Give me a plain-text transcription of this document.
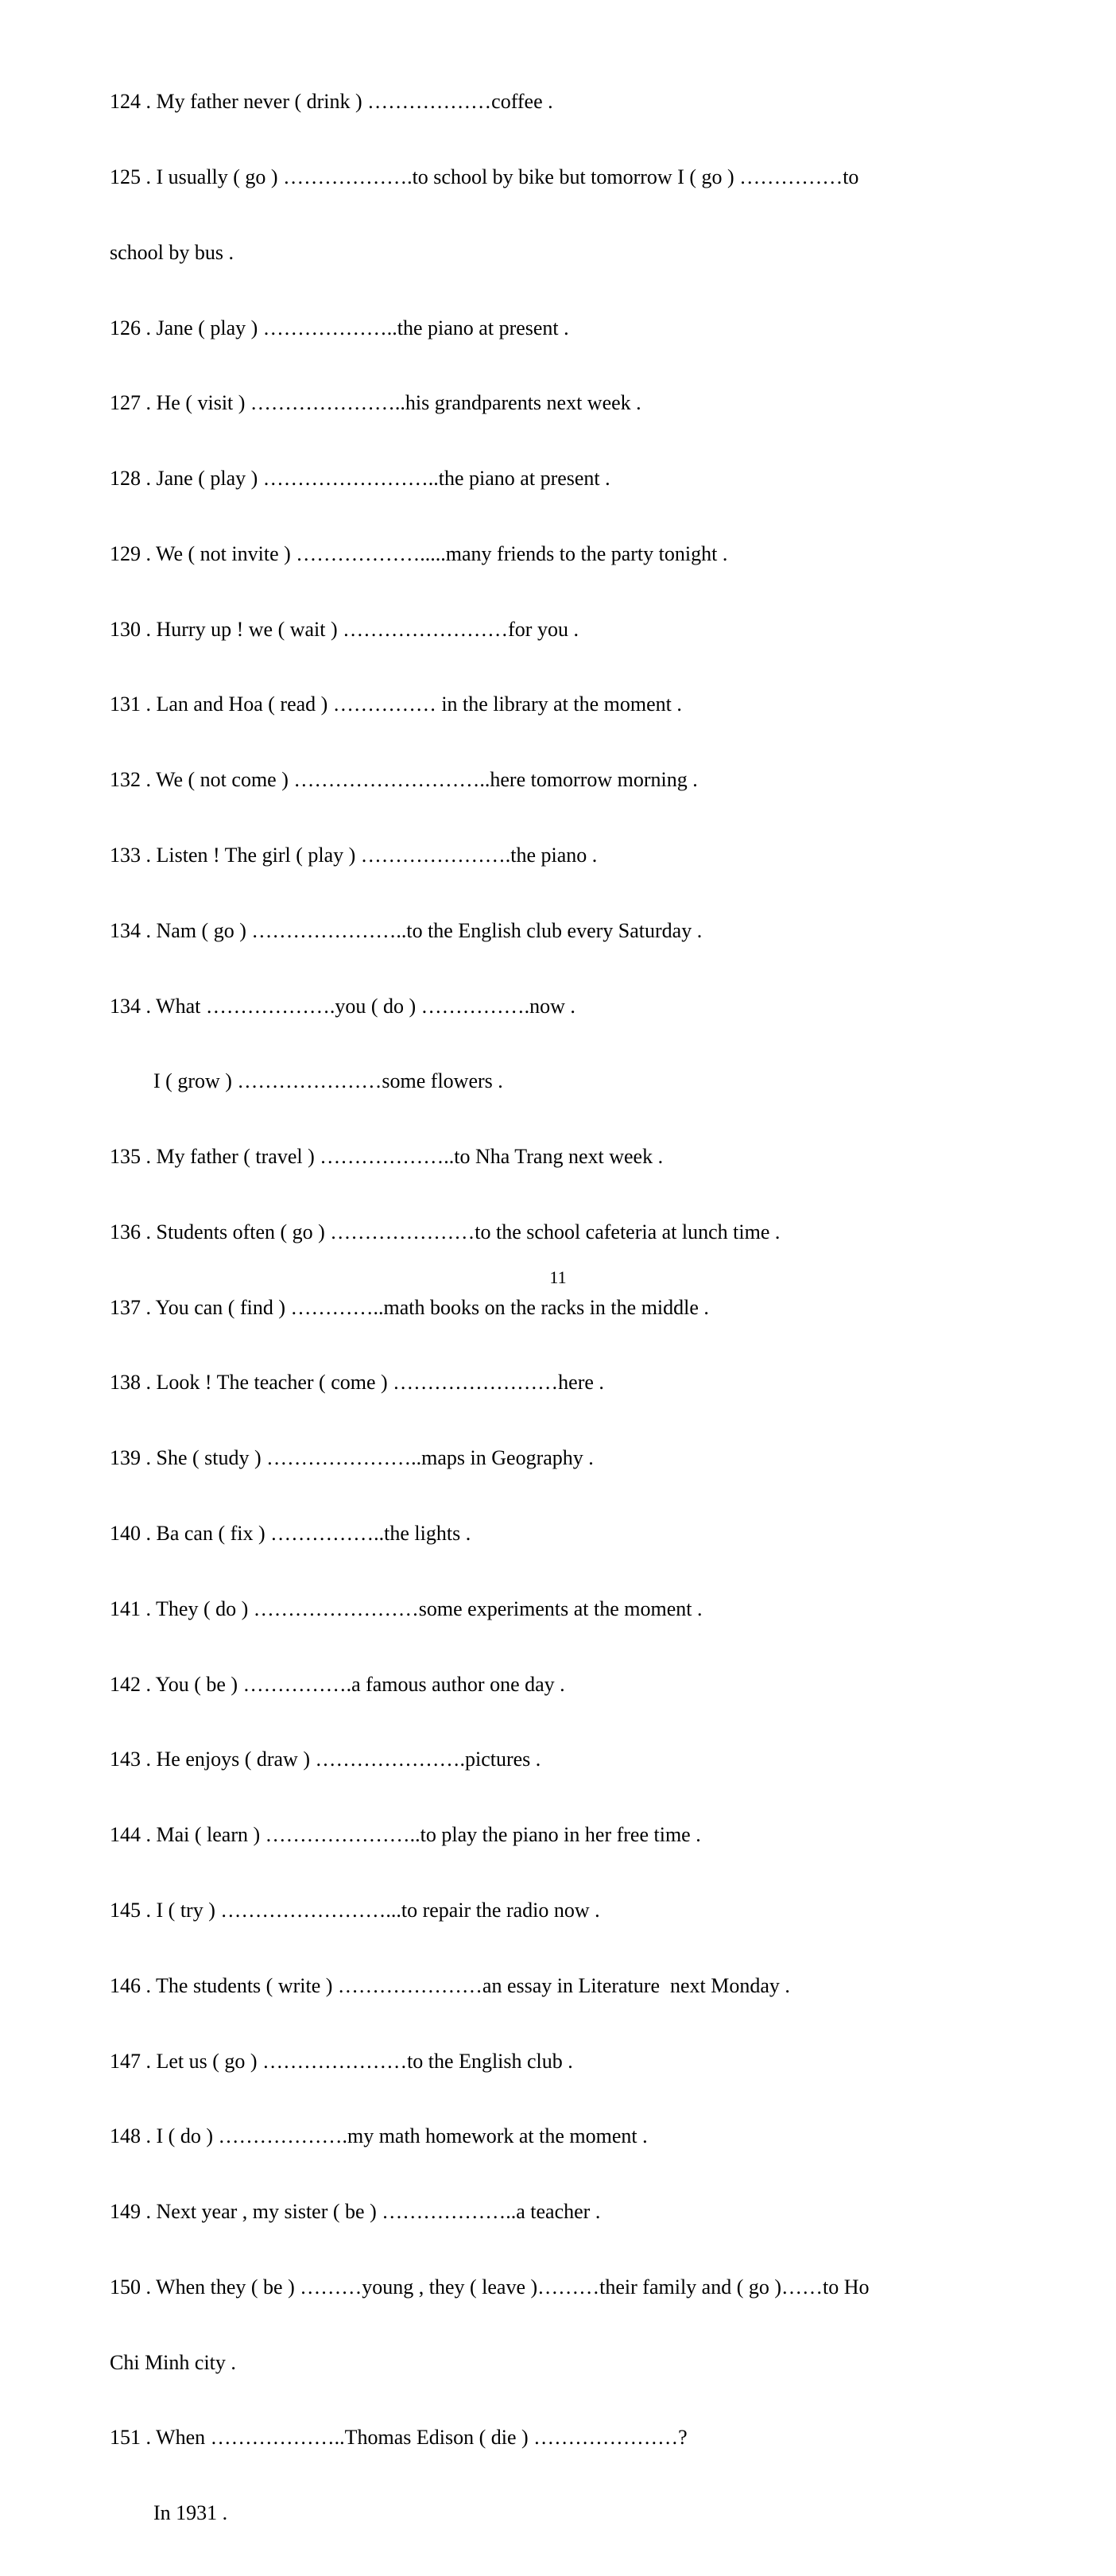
124 . My father never ( drink ) ………………coffee .

125 . I usually ( go ) ……………….to school by bike but tomorrow I ( go ) ……………to

school by bus .

126 . Jane ( play ) ………………..the piano at present .

127 . He ( visit ) …………………..his grandparents next week .

128 . Jane ( play ) ……………………..the piano at present .

129 . We ( not invite ) ……………….....many friends to the party tonight .

130 . Hurry up ! we ( wait ) ……………………for you .

131 . Lan and Hoa ( read ) …………… in the library at the moment .

132 . We ( not come ) ………………………..here tomorrow morning .

133 . Listen ! The girl ( play ) ………………….the piano .

134 . Nam ( go ) …………………..to the English club every Saturday .

134 . What ……………….you ( do ) …………….now .

I ( grow ) …………………some flowers .

135 . My father ( travel ) ………………..to Nha Trang next week .

136 . Students often ( go ) …………………to the school cafeteria at lunch time .

137 . You can ( find ) …………..math books on the racks in the middle .

138 . Look ! The teacher ( come ) ……………………here .

139 . She ( study ) …………………..maps in Geography .

140 . Ba can ( fix ) ……………..the lights .

141 . They ( do ) ……………………some experiments at the moment .

142 . You ( be ) …………….a famous author one day .

143 . He enjoys ( draw ) ………………….pictures .

144 . Mai ( learn ) …………………..to play the piano in her free time .

145 . I ( try ) ……………………...to repair the radio now .

146 . The students ( write ) …………………an essay in Literature  next Monday .

147 . Let us ( go ) …………………to the English club .

148 . I ( do ) ……………….my math homework at the moment .

149 . Next year , my sister ( be ) ………………..a teacher .

150 . When they ( be ) ………young , they ( leave )………their family and ( go )……to Ho

Chi Minh city .

151 . When ………………..Thomas Edison ( die ) …………………?

In 1931 .

11
